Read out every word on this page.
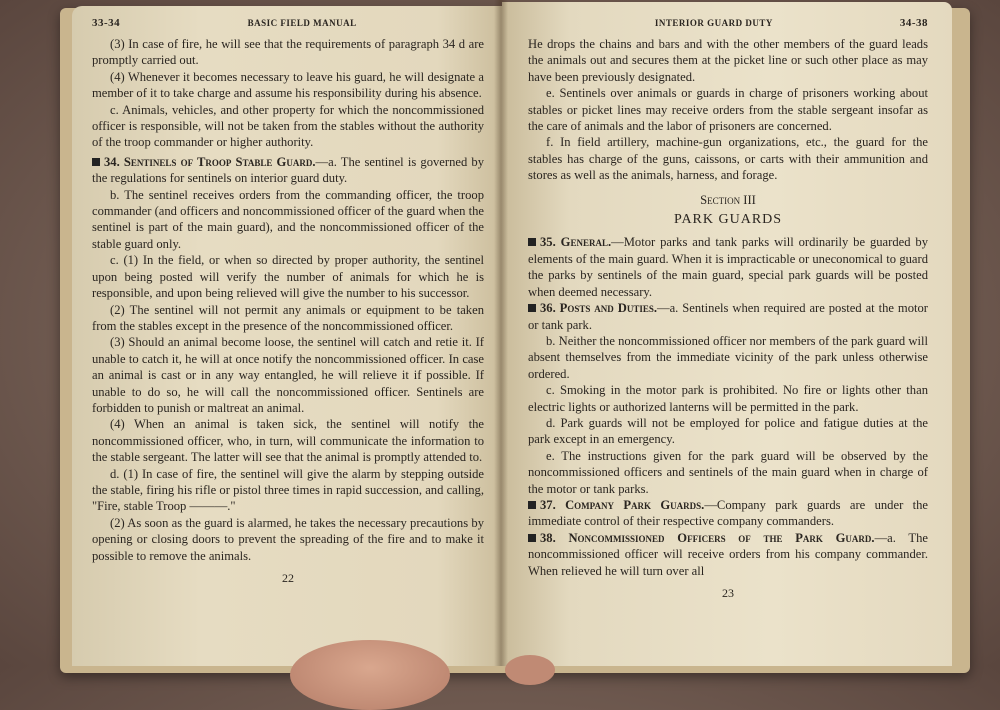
33-34	BASIC FIELD MANUAL

(3) In case of fire, he will see that the requirements of paragraph 34 d are promptly carried out.

(4) Whenever it becomes necessary to leave his guard, he will designate a member of it to take charge and assume his responsibility during his absence.

c. Animals, vehicles, and other property for which the noncommissioned officer is responsible, will not be taken from the stables without the authority of the troop commander or higher authority.

34. Sentinels of Troop Stable Guard.—a. The sentinel is governed by the regulations for sentinels on interior guard duty.

b. The sentinel receives orders from the commanding officer, the troop commander (and officers and noncommissioned officer of the guard when the sentinel is part of the main guard), and the noncommissioned officer of the stable guard only.

c. (1) In the field, or when so directed by proper authority, the sentinel upon being posted will verify the number of animals for which he is responsible, and upon being relieved will give the number to his successor.

(2) The sentinel will not permit any animals or equipment to be taken from the stables except in the presence of the noncommissioned officer.

(3) Should an animal become loose, the sentinel will catch and retie it. If unable to catch it, he will at once notify the noncommissioned officer. In case an animal is cast or in any way entangled, he will relieve it if possible. If unable to do so, he will call the noncommissioned officer. Sentinels are forbidden to punish or maltreat an animal.

(4) When an animal is taken sick, the sentinel will notify the noncommissioned officer, who, in turn, will communicate the information to the stable sergeant. The latter will see that the animal is promptly attended to.

d. (1) In case of fire, the sentinel will give the alarm by stepping outside the stable, firing his rifle or pistol three times in rapid succession, and calling, "Fire, stable Troop ———."

(2) As soon as the guard is alarmed, he takes the necessary precautions by opening or closing doors to prevent the spreading of the fire and to make it possible to remove the animals.

22
INTERIOR GUARD DUTY	34-38

He drops the chains and bars and with the other members of the guard leads the animals out and secures them at the picket line or such other place as may have been previously designated.

e. Sentinels over animals or guards in charge of prisoners working about stables or picket lines may receive orders from the stable sergeant insofar as the care of animals and the labor of prisoners are concerned.

f. In field artillery, machine-gun organizations, etc., the guard for the stables has charge of the guns, caissons, or carts with their ammunition and stores as well as the animals, harness, and forage.

Section III
PARK GUARDS

35. General.—Motor parks and tank parks will ordinarily be guarded by elements of the main guard. When it is impracticable or uneconomical to guard the parks by sentinels of the main guard, special park guards will be posted when deemed necessary.

36. Posts and Duties.—a. Sentinels when required are posted at the motor or tank park.

b. Neither the noncommissioned officer nor members of the park guard will absent themselves from the immediate vicinity of the park unless otherwise ordered.

c. Smoking in the motor park is prohibited. No fire or lights other than electric lights or authorized lanterns will be permitted in the park.

d. Park guards will not be employed for police and fatigue duties at the park except in an emergency.

e. The instructions given for the park guard will be observed by the noncommissioned officers and sentinels of the main guard when in charge of the motor or tank parks.

37. Company Park Guards.—Company park guards are under the immediate control of their respective company commanders.

38. Noncommissioned Officers of the Park Guard.—a. The noncommissioned officer will receive orders from his company commander. When relieved he will turn over all

23
